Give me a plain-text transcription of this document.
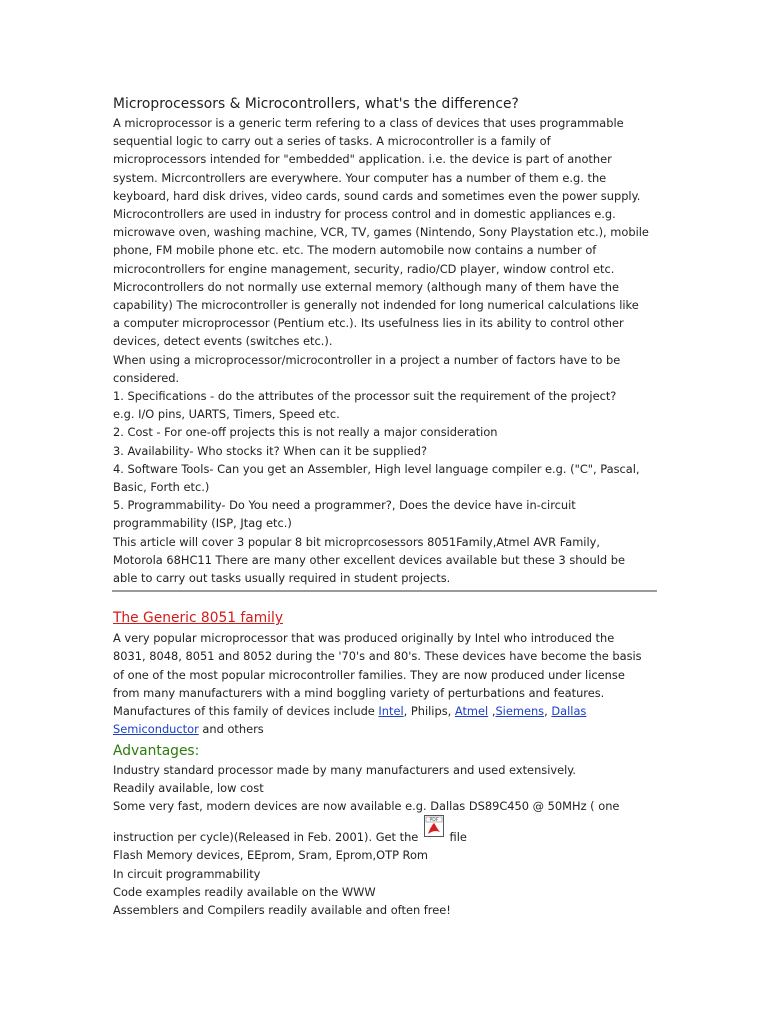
Microprocessors & Microcontrollers, what's the difference?
A microprocessor is a generic term refering to a class of devices that uses programmable
sequential logic to carry out a series of tasks. A microcontroller is a family of
microprocessors intended for "embedded" application. i.e. the device is part of another
system. Micrcontrollers are everywhere. Your computer has a number of them e.g. the
keyboard, hard disk drives, video cards, sound cards and sometimes even the power supply.
Microcontrollers are used in industry for process control and in domestic appliances e.g.
microwave oven, washing machine, VCR, TV, games (Nintendo, Sony Playstation etc.), mobile
phone, FM mobile phone etc. etc. The modern automobile now contains a number of
microcontrollers for engine management, security, radio/CD player, window control etc.
Microcontrollers do not normally use external memory (although many of them have the
capability) The microcontroller is generally not indended for long numerical calculations like
a computer microprocessor (Pentium etc.). Its usefulness lies in its ability to control other
devices, detect events (switches etc.).
When using a microprocessor/microcontroller in a project a number of factors have to be
considered.
1. Specifications - do the attributes of the processor suit the requirement of the project?
e.g. I/O pins, UARTS, Timers, Speed etc.
2. Cost - For one-off projects this is not really a major consideration
3. Availability- Who stocks it? When can it be supplied?
4. Software Tools- Can you get an Assembler, High level language compiler e.g. ("C", Pascal,
Basic, Forth etc.)
5. Programmability- Do You need a programmer?, Does the device have in-circuit
programmability (ISP, Jtag etc.)
This article will cover 3 popular 8 bit microprcosessors 8051Family,Atmel AVR Family,
Motorola 68HC11 There are many other excellent devices available but these 3 should be
able to carry out tasks usually required in student projects.
The Generic 8051 family
A very popular microprocessor that was produced originally by Intel who introduced the
8031, 8048, 8051 and 8052 during the '70's and 80's. These devices have become the basis
of one of the most popular microcontroller families. They are now produced under license
from many manufacturers with a mind boggling variety of perturbations and features.
Manufactures of this family of devices include Intel, Philips, Atmel ,Siemens, Dallas
Semiconductor and others
Advantages:
Industry standard processor made by many manufacturers and used extensively.
Readily available, low cost
Some very fast, modern devices are now available e.g. Dallas DS89C450 @ 50MHz ( one
instruction per cycle)(Released in Feb. 2001). Get the
PDF
file
Flash Memory devices, EEprom, Sram, Eprom,OTP Rom
In circuit programmability
Code examples readily available on the WWW
Assemblers and Compilers readily available and often free!
